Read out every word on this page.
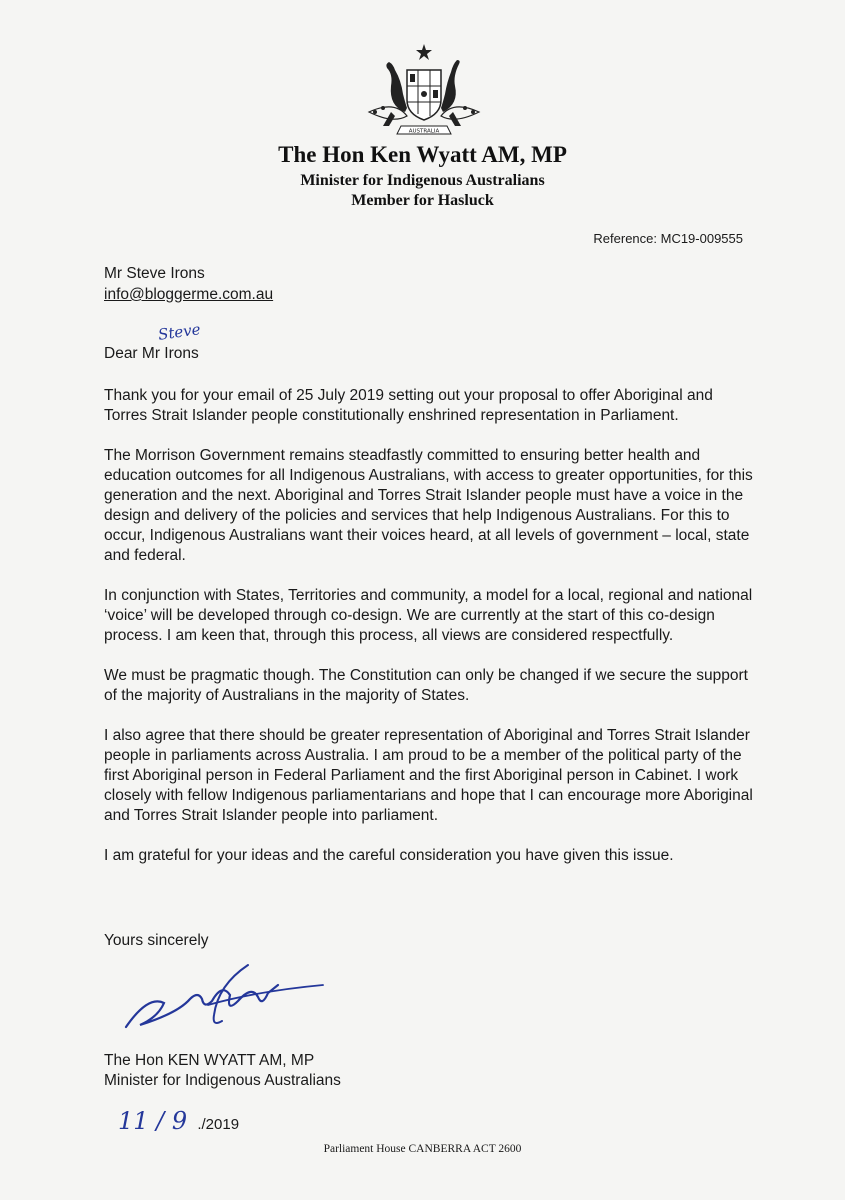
AUSTRALIA
The Hon Ken Wyatt AM, MP
Minister for Indigenous Australians
Member for Hasluck
Reference: MC19-009555
Mr Steve Irons
info@bloggerme.com.au
Steve
Dear Mr Irons

Thank you for your email of 25 July 2019 setting out your proposal to offer Aboriginal and Torres Strait Islander people constitutionally enshrined representation in Parliament.

The Morrison Government remains steadfastly committed to ensuring better health and education outcomes for all Indigenous Australians, with access to greater opportunities, for this generation and the next. Aboriginal and Torres Strait Islander people must have a voice in the design and delivery of the policies and services that help Indigenous Australians. For this to occur, Indigenous Australians want their voices heard, at all levels of government – local, state and federal.

In conjunction with States, Territories and community, a model for a local, regional and national ‘voice’ will be developed through co-design. We are currently at the start of this co-design process. I am keen that, through this process, all views are considered respectfully.

We must be pragmatic though. The Constitution can only be changed if we secure the support of the majority of Australians in the majority of States.

I also agree that there should be greater representation of Aboriginal and Torres Strait Islander people in parliaments across Australia. I am proud to be a member of the political party of the first Aboriginal person in Federal Parliament and the first Aboriginal person in Cabinet. I work closely with fellow Indigenous parliamentarians and hope that I can encourage more Aboriginal and Torres Strait Islander people into parliament.

I am grateful for your ideas and the careful consideration you have given this issue.

Yours sincerely
The Hon KEN WYATT AM, MP
Minister for Indigenous Australians
11 / 9 ./2019
Parliament House CANBERRA ACT 2600
